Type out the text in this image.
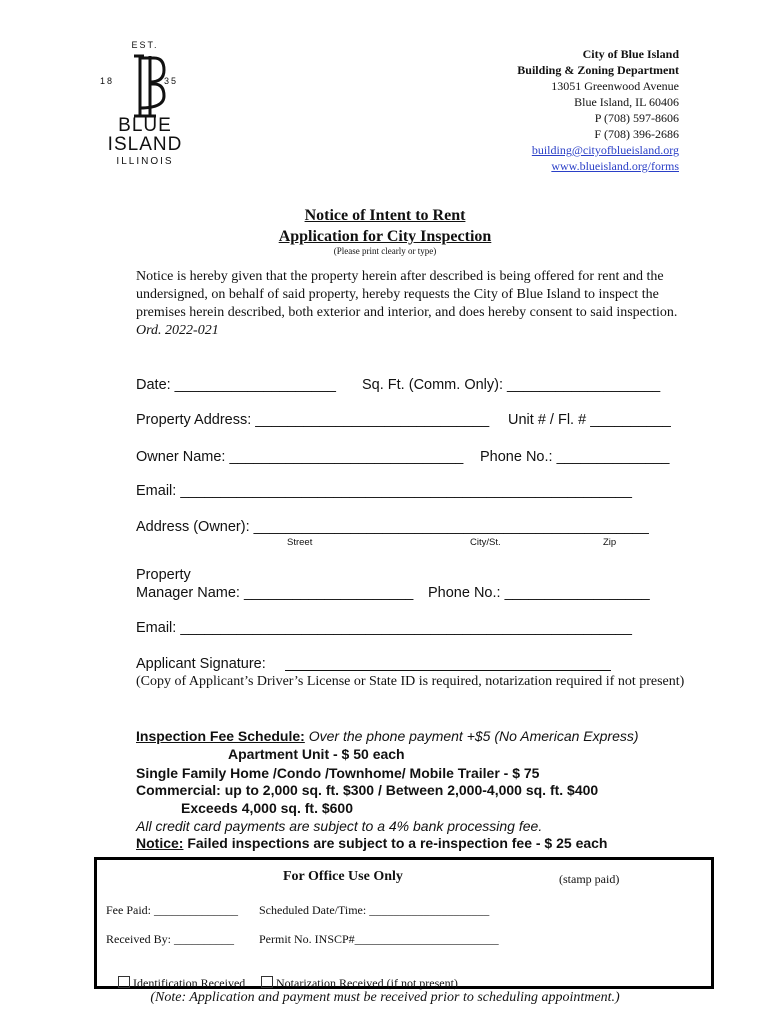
EST.
18	35
BLUE
ISLAND
ILLINOIS
City of Blue Island
Building & Zoning Department
13051 Greenwood Avenue
Blue Island, IL 60406
P (708) 597-8606
F (708) 396-2686
building@cityofblueisland.org
www.blueisland.org/forms
Notice of Intent to Rent
Application for City Inspection
(Please print clearly or type)
Notice is hereby given that the property herein after described is being offered for rent and the undersigned, on behalf of said property, hereby requests the City of Blue Island to inspect the premises herein described, both exterior and interior, and does hereby consent to said inspection.  Ord. 2022-021
Date: ____________________ Sq. Ft. (Comm. Only): ___________________
Property Address: _____________________________ Unit # / Fl. # __________
Owner Name: _____________________________ Phone No.: ______________
Email: ________________________________________________________
Address (Owner): _________________________________________________
Street	City/St.	Zip
Property
Manager Name: _____________________ Phone No.: __________________
Email: ________________________________________________________
Applicant Signature:
(Copy of Applicant’s Driver’s License or State ID is required, notarization required if not present)
Inspection Fee Schedule: Over the phone payment +$5 (No American Express)
Apartment Unit - $ 50 each
Single Family Home /Condo /Townhome/ Mobile Trailer - $ 75
Commercial: up to 2,000 sq. ft. $300 / Between 2,000-4,000 sq. ft. $400
Exceeds 4,000 sq. ft. $600
All credit card payments are subject to a 4% bank processing fee.
Notice: Failed inspections are subject to a re-inspection fee - $ 25 each
For Office Use Only	(stamp paid)
Fee Paid: ______________ Scheduled Date/Time: ____________________
Received By: __________ Permit No. INSCP#________________________

Identification Received
	Notarization Received (if not present)

(Note: Application and payment must be received prior to scheduling appointment.)
